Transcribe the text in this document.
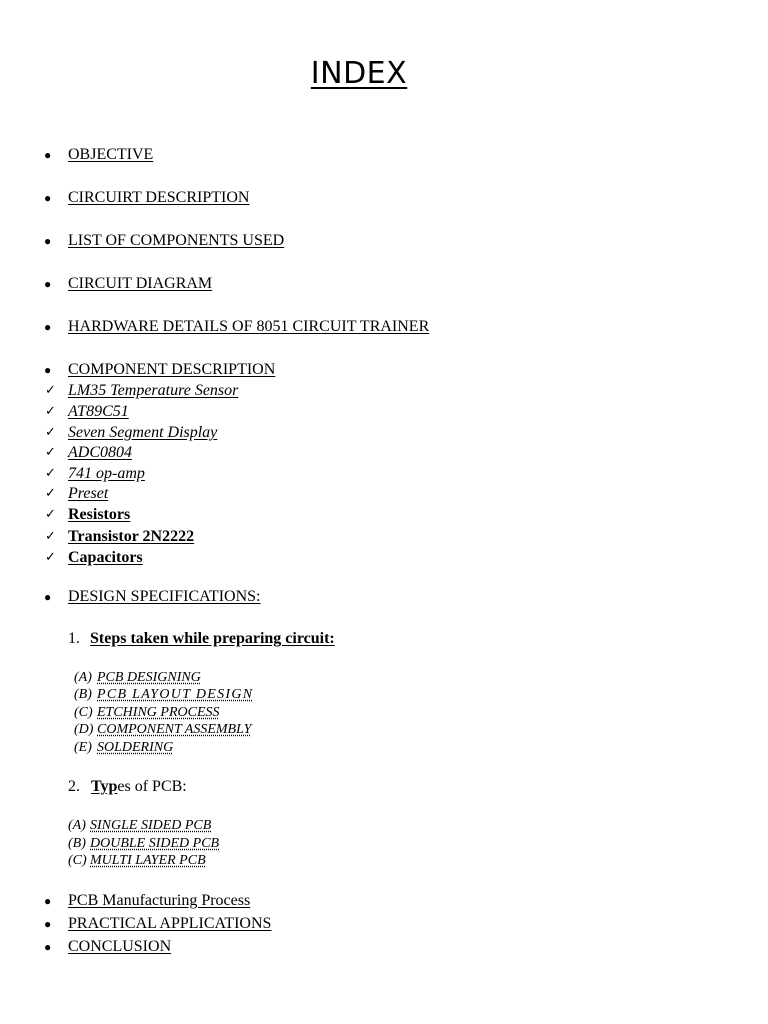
INDEX
● OBJECTIVE
● CIRCUIRT DESCRIPTION
● LIST OF COMPONENTS USED
● CIRCUIT DIAGRAM
● HARDWARE DETAILS OF 8051 CIRCUIT TRAINER
● COMPONENT DESCRIPTION
✓ LM35 Temperature Sensor
✓ AT89C51
✓ Seven Segment Display
✓ ADC0804
✓ 741 op-amp
✓ Preset
✓ Resistors
✓ Transistor 2N2222
✓ Capacitors
● DESIGN SPECIFICATIONS:
1. Steps taken while preparing circuit:
(A) PCB DESIGNING
(B) PCB LAYOUT DESIGN
(C) ETCHING PROCESS
(D) COMPONENT ASSEMBLY
(E) SOLDERING
2. Types of PCB:
(A) SINGLE SIDED PCB
(B) DOUBLE SIDED PCB
(C) MULTI LAYER PCB
● PCB Manufacturing Process
● PRACTICAL APPLICATIONS
● CONCLUSION
